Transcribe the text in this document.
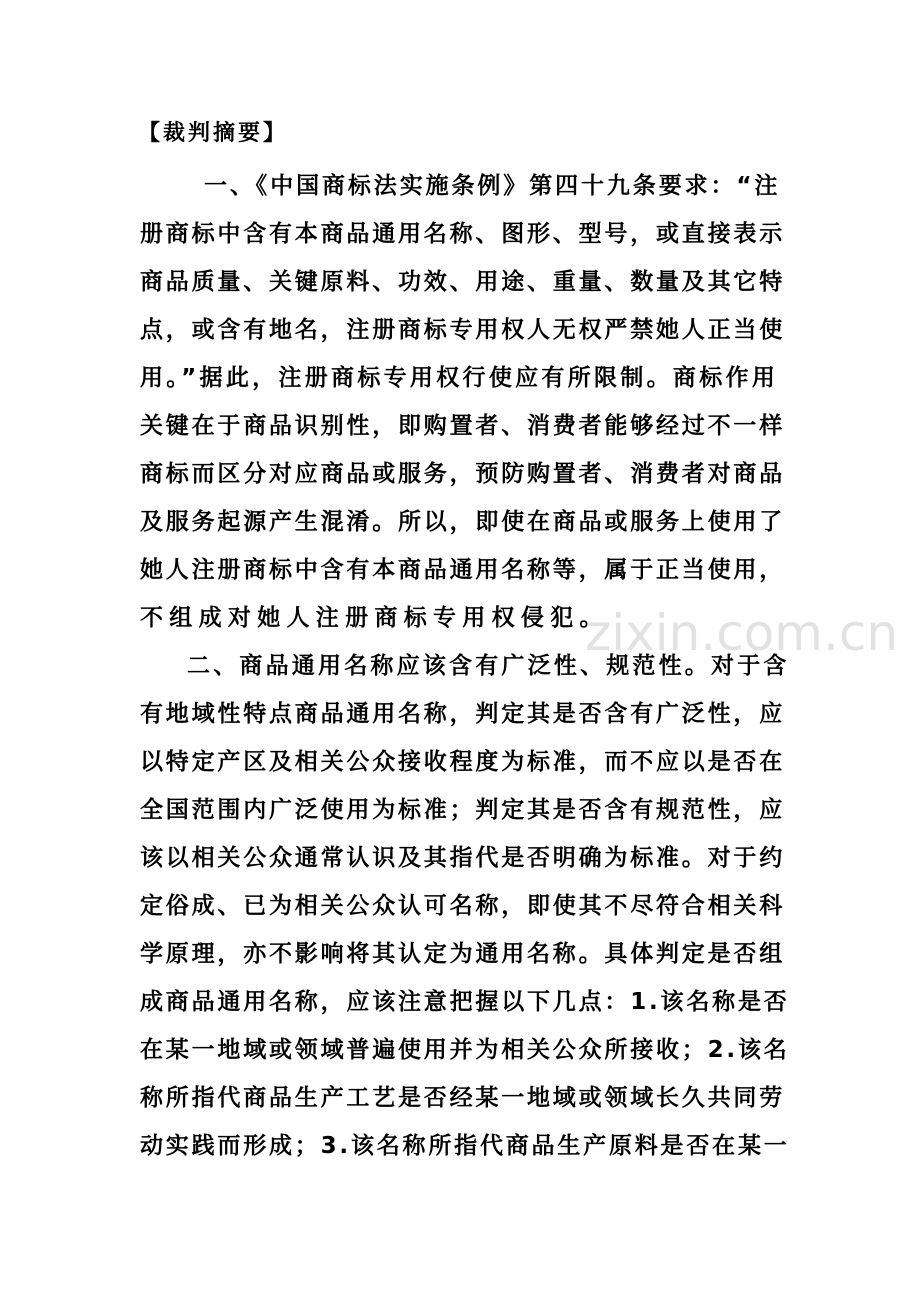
【裁判摘要】

一、《中国商标法实施条例》第四十九条要求：“注

册商标中含有本商品通用名称、图形、型号，或直接表示

商品质量、关键原料、功效、用途、重量、数量及其它特

点，或含有地名，注册商标专用权人无权严禁她人正当使

用。”据此，注册商标专用权行使应有所限制。商标作用

关键在于商品识别性，即购置者、消费者能够经过不一样

商标而区分对应商品或服务，预防购置者、消费者对商品

及服务起源产生混淆。所以，即使在商品或服务上使用了

她人注册商标中含有本商品通用名称等，属于正当使用，

不组成对她人注册商标专用权侵犯。

二、商品通用名称应该含有广泛性、规范性。对于含

有地域性特点商品通用名称，判定其是否含有广泛性，应

以特定产区及相关公众接收程度为标准，而不应以是否在

全国范围内广泛使用为标准；判定其是否含有规范性，应

该以相关公众通常认识及其指代是否明确为标准。对于约

定俗成、已为相关公众认可名称，即使其不尽符合相关科

学原理，亦不影响将其认定为通用名称。具体判定是否组

成商品通用名称，应该注意把握以下几点：1.该名称是否

在某一地域或领域普遍使用并为相关公众所接收；2.该名

称所指代商品生产工艺是否经某一地域或领域长久共同劳

动实践而形成；3.该名称所指代商品生产原料是否在某一

zixin.com.cn
